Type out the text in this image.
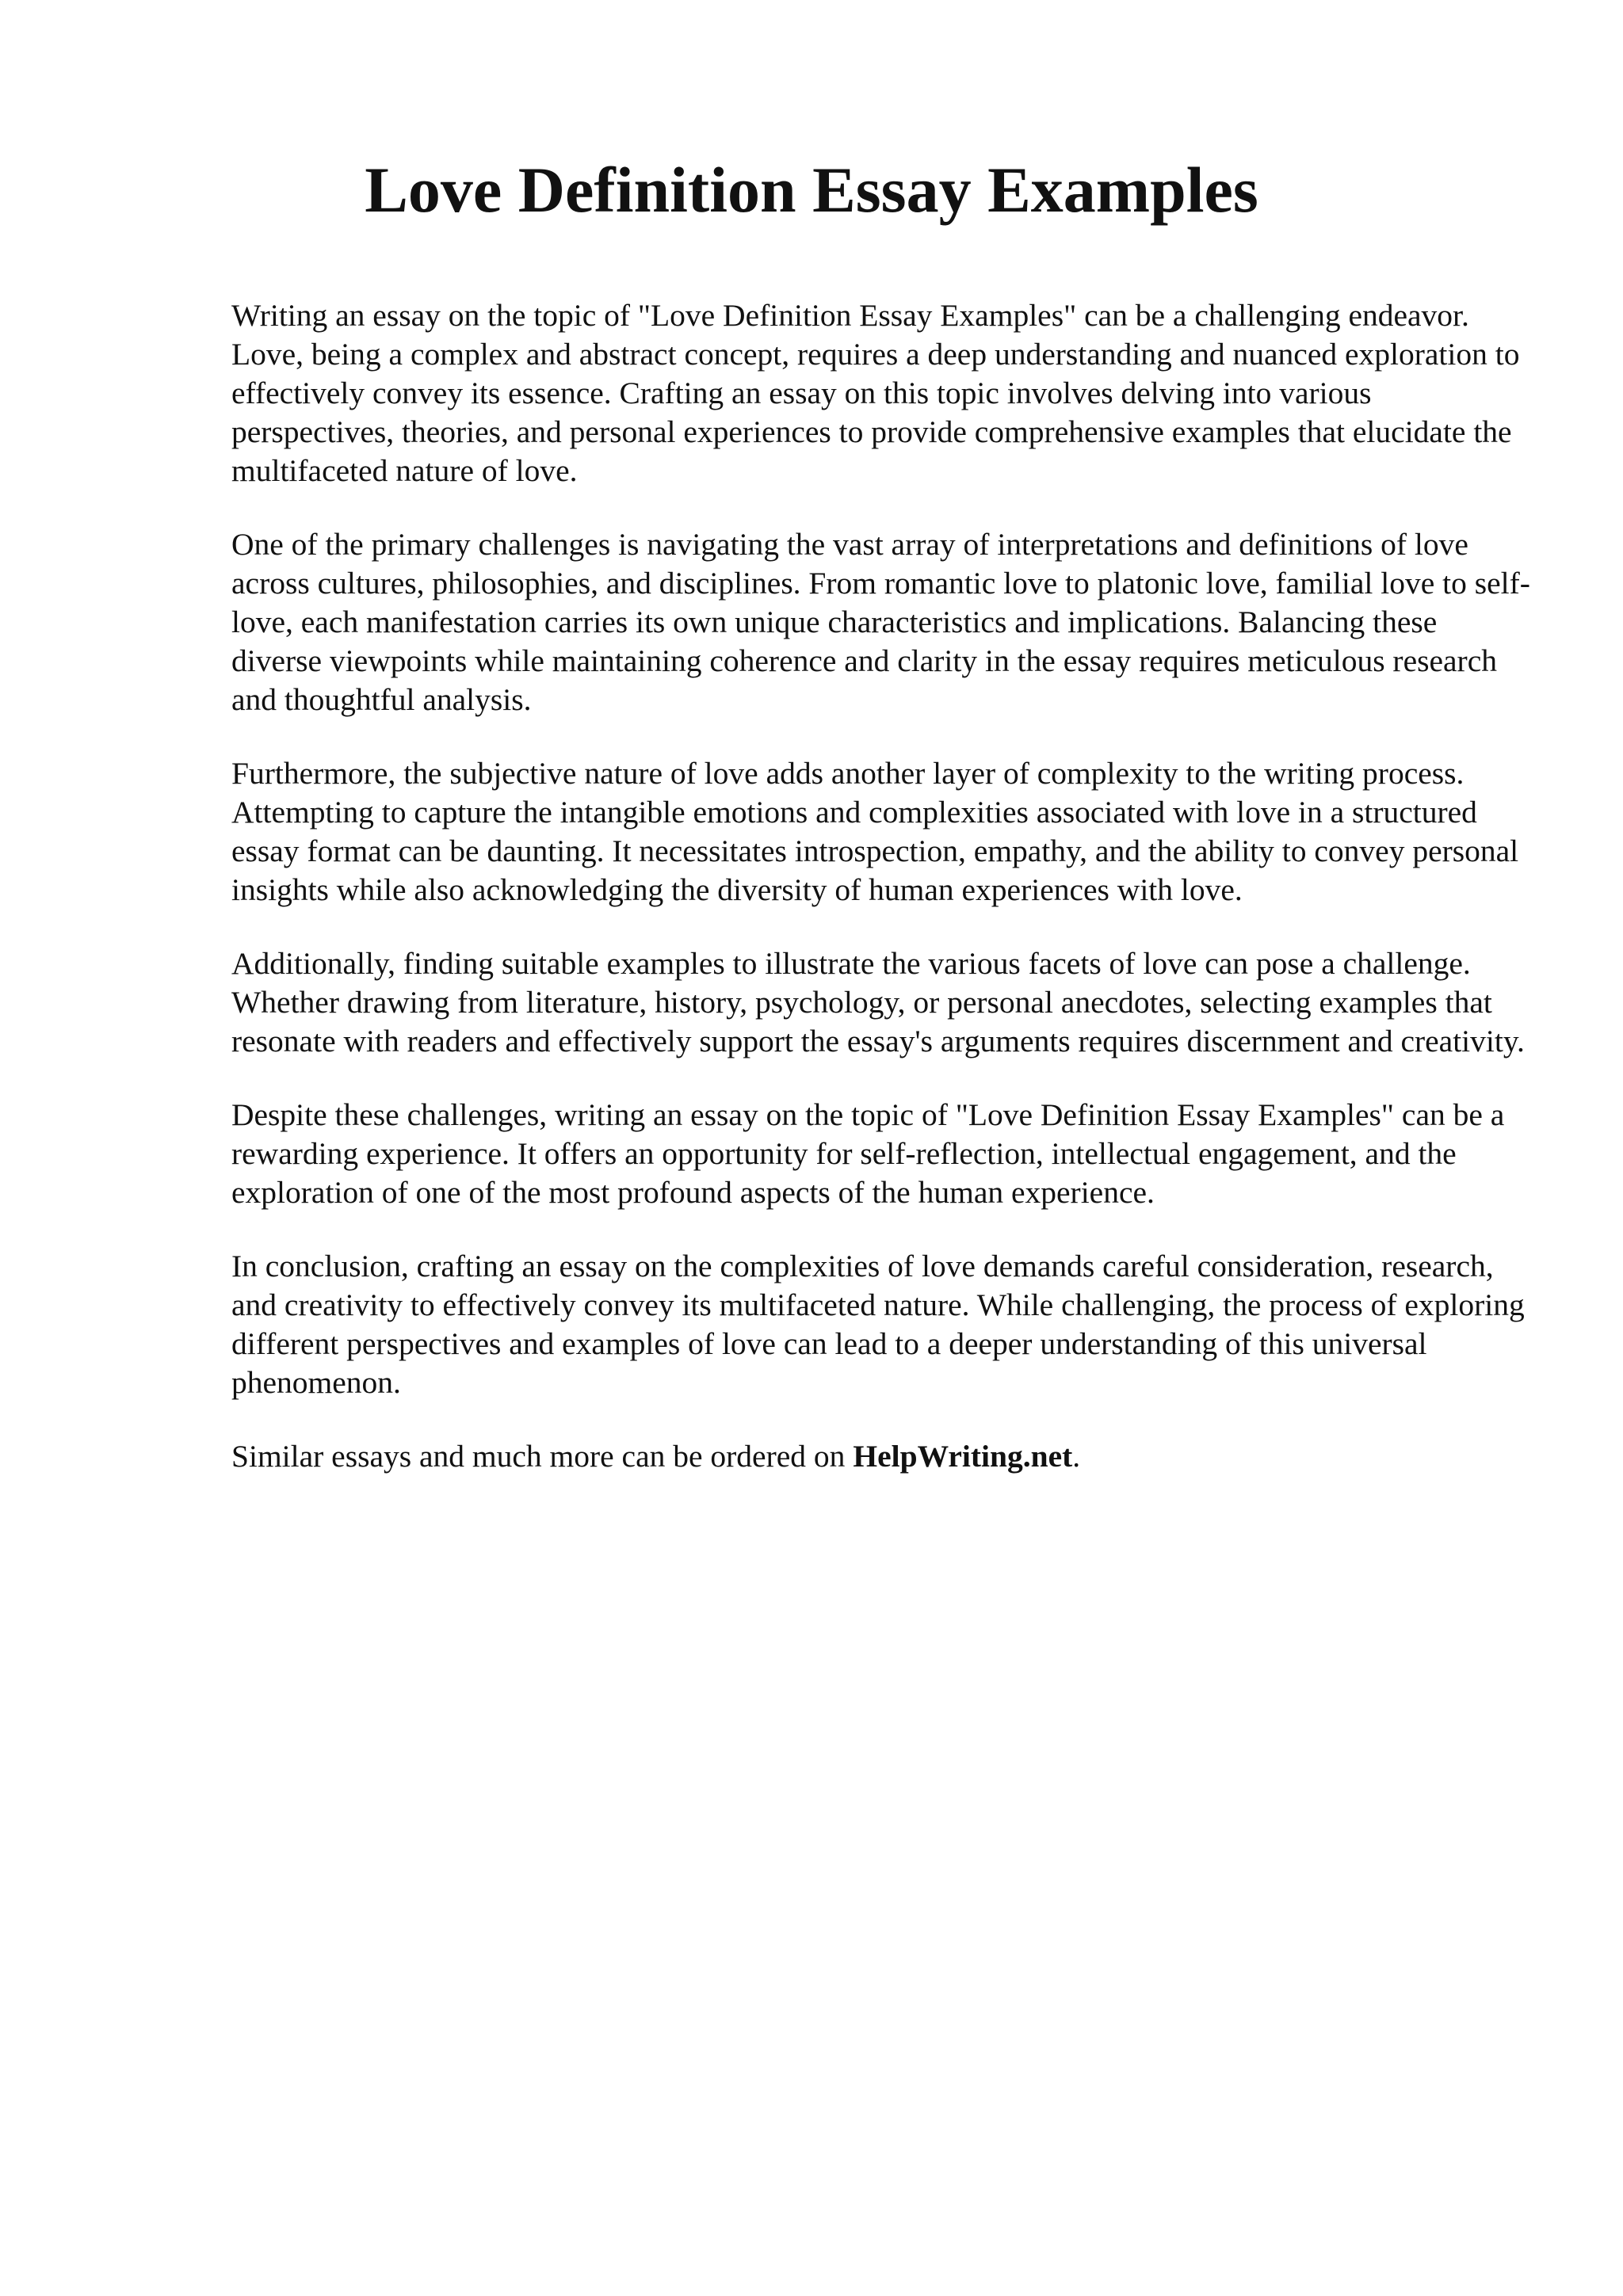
Love Definition Essay Examples

Writing an essay on the topic of "Love Definition Essay Examples" can be a challenging endeavor. Love, being a complex and abstract concept, requires a deep understanding and nuanced exploration to effectively convey its essence. Crafting an essay on this topic involves delving into various perspectives, theories, and personal experiences to provide comprehensive examples that elucidate the multifaceted nature of love.

One of the primary challenges is navigating the vast array of interpretations and definitions of love across cultures, philosophies, and disciplines. From romantic love to platonic love, familial love to self-love, each manifestation carries its own unique characteristics and implications. Balancing these diverse viewpoints while maintaining coherence and clarity in the essay requires meticulous research and thoughtful analysis.

Furthermore, the subjective nature of love adds another layer of complexity to the writing process. Attempting to capture the intangible emotions and complexities associated with love in a structured essay format can be daunting. It necessitates introspection, empathy, and the ability to convey personal insights while also acknowledging the diversity of human experiences with love.

Additionally, finding suitable examples to illustrate the various facets of love can pose a challenge. Whether drawing from literature, history, psychology, or personal anecdotes, selecting examples that resonate with readers and effectively support the essay's arguments requires discernment and creativity.

Despite these challenges, writing an essay on the topic of "Love Definition Essay Examples" can be a rewarding experience. It offers an opportunity for self-reflection, intellectual engagement, and the exploration of one of the most profound aspects of the human experience.

In conclusion, crafting an essay on the complexities of love demands careful consideration, research, and creativity to effectively convey its multifaceted nature. While challenging, the process of exploring different perspectives and examples of love can lead to a deeper understanding of this universal phenomenon.

Similar essays and much more can be ordered on HelpWriting.net.
